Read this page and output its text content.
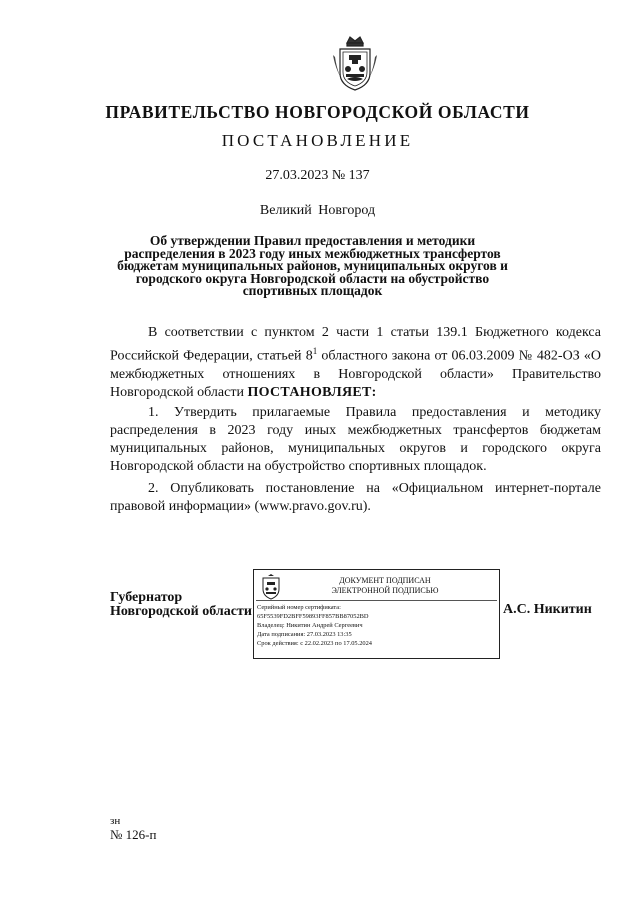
ПРАВИТЕЛЬСТВО НОВГОРОДСКОЙ ОБЛАСТИ
ПОСТАНОВЛЕНИЕ
27.03.2023 № 137
Великий Новгород
Об утверждении Правил предоставления и методики распределения в 2023 году иных межбюджетных трансфертов бюджетам муниципальных районов, муниципальных округов и городского округа Новгородской области на обустройство спортивных площадок
В соответствии с пунктом 2 части 1 статьи 139.1 Бюджетного кодекса Российской Федерации, статьей $8^1$ областного закона от 06.03.2009 № 482-ОЗ «О межбюджетных отношениях в Новгородской области» Правительство Новгородской области ПОСТАНОВЛЯЕТ:
1. Утвердить прилагаемые Правила предоставления и методику распределения в 2023 году иных межбюджетных трансфертов бюджетам муниципальных районов, муниципальных округов и городского округа Новгородской области на обустройство спортивных площадок.
2. Опубликовать постановление на «Официальном интернет-портале правовой информации» (www.pravo.gov.ru).
Губернатор
Новгородской области
ДОКУМЕНТ ПОДПИСАН
ЭЛЕКТРОННОЙ ПОДПИСЬЮ
Серийный номер сертификата:
65F5539FD2BFF59893FF857BB87052BD
Владелец: Никитин Андрей Сергеевич
Дата подписания: 27.03.2023 13:35
Срок действия: с 22.02.2023 по 17.05.2024
А.С. Никитин
зн
№ 126-п
